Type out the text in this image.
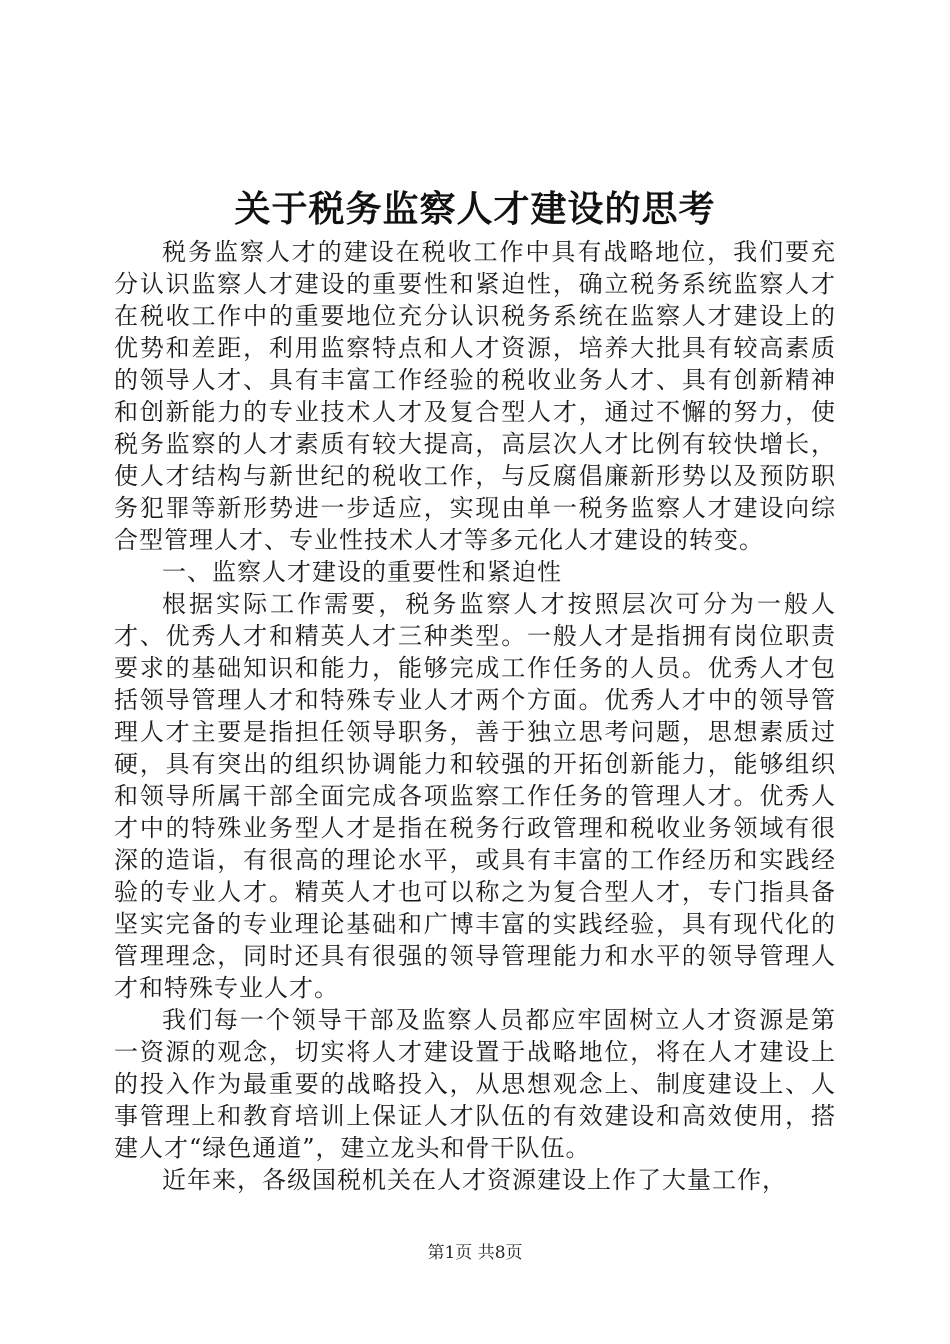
关于税务监察人才建设的思考

税务监察人才的建设在税收工作中具有战略地位，我们要充分认识监察人才建设的重要性和紧迫性，确立税务系统监察人才在税收工作中的重要地位充分认识税务系统在监察人才建设上的优势和差距，利用监察特点和人才资源，培养大批具有较高素质的领导人才、具有丰富工作经验的税收业务人才、具有创新精神和创新能力的专业技术人才及复合型人才，通过不懈的努力，使税务监察的人才素质有较大提高，高层次人才比例有较快增长，使人才结构与新世纪的税收工作，与反腐倡廉新形势以及预防职务犯罪等新形势进一步适应，实现由单一税务监察人才建设向综合型管理人才、专业性技术人才等多元化人才建设的转变。

一、监察人才建设的重要性和紧迫性

根据实际工作需要，税务监察人才按照层次可分为一般人才、优秀人才和精英人才三种类型。一般人才是指拥有岗位职责要求的基础知识和能力，能够完成工作任务的人员。优秀人才包括领导管理人才和特殊专业人才两个方面。优秀人才中的领导管理人才主要是指担任领导职务，善于独立思考问题，思想素质过硬，具有突出的组织协调能力和较强的开拓创新能力，能够组织和领导所属干部全面完成各项监察工作任务的管理人才。优秀人才中的特殊业务型人才是指在税务行政管理和税收业务领域有很深的造诣，有很高的理论水平，或具有丰富的工作经历和实践经验的专业人才。精英人才也可以称之为复合型人才，专门指具备坚实完备的专业理论基础和广博丰富的实践经验，具有现代化的管理理念，同时还具有很强的领导管理能力和水平的领导管理人才和特殊专业人才。

我们每一个领导干部及监察人员都应牢固树立人才资源是第一资源的观念，切实将人才建设置于战略地位，将在人才建设上的投入作为最重要的战略投入，从思想观念上、制度建设上、人事管理上和教育培训上保证人才队伍的有效建设和高效使用，搭建人才“绿色通道”，建立龙头和骨干队伍。

近年来，各级国税机关在人才资源建设上作了大量工作，

第1页 共8页
